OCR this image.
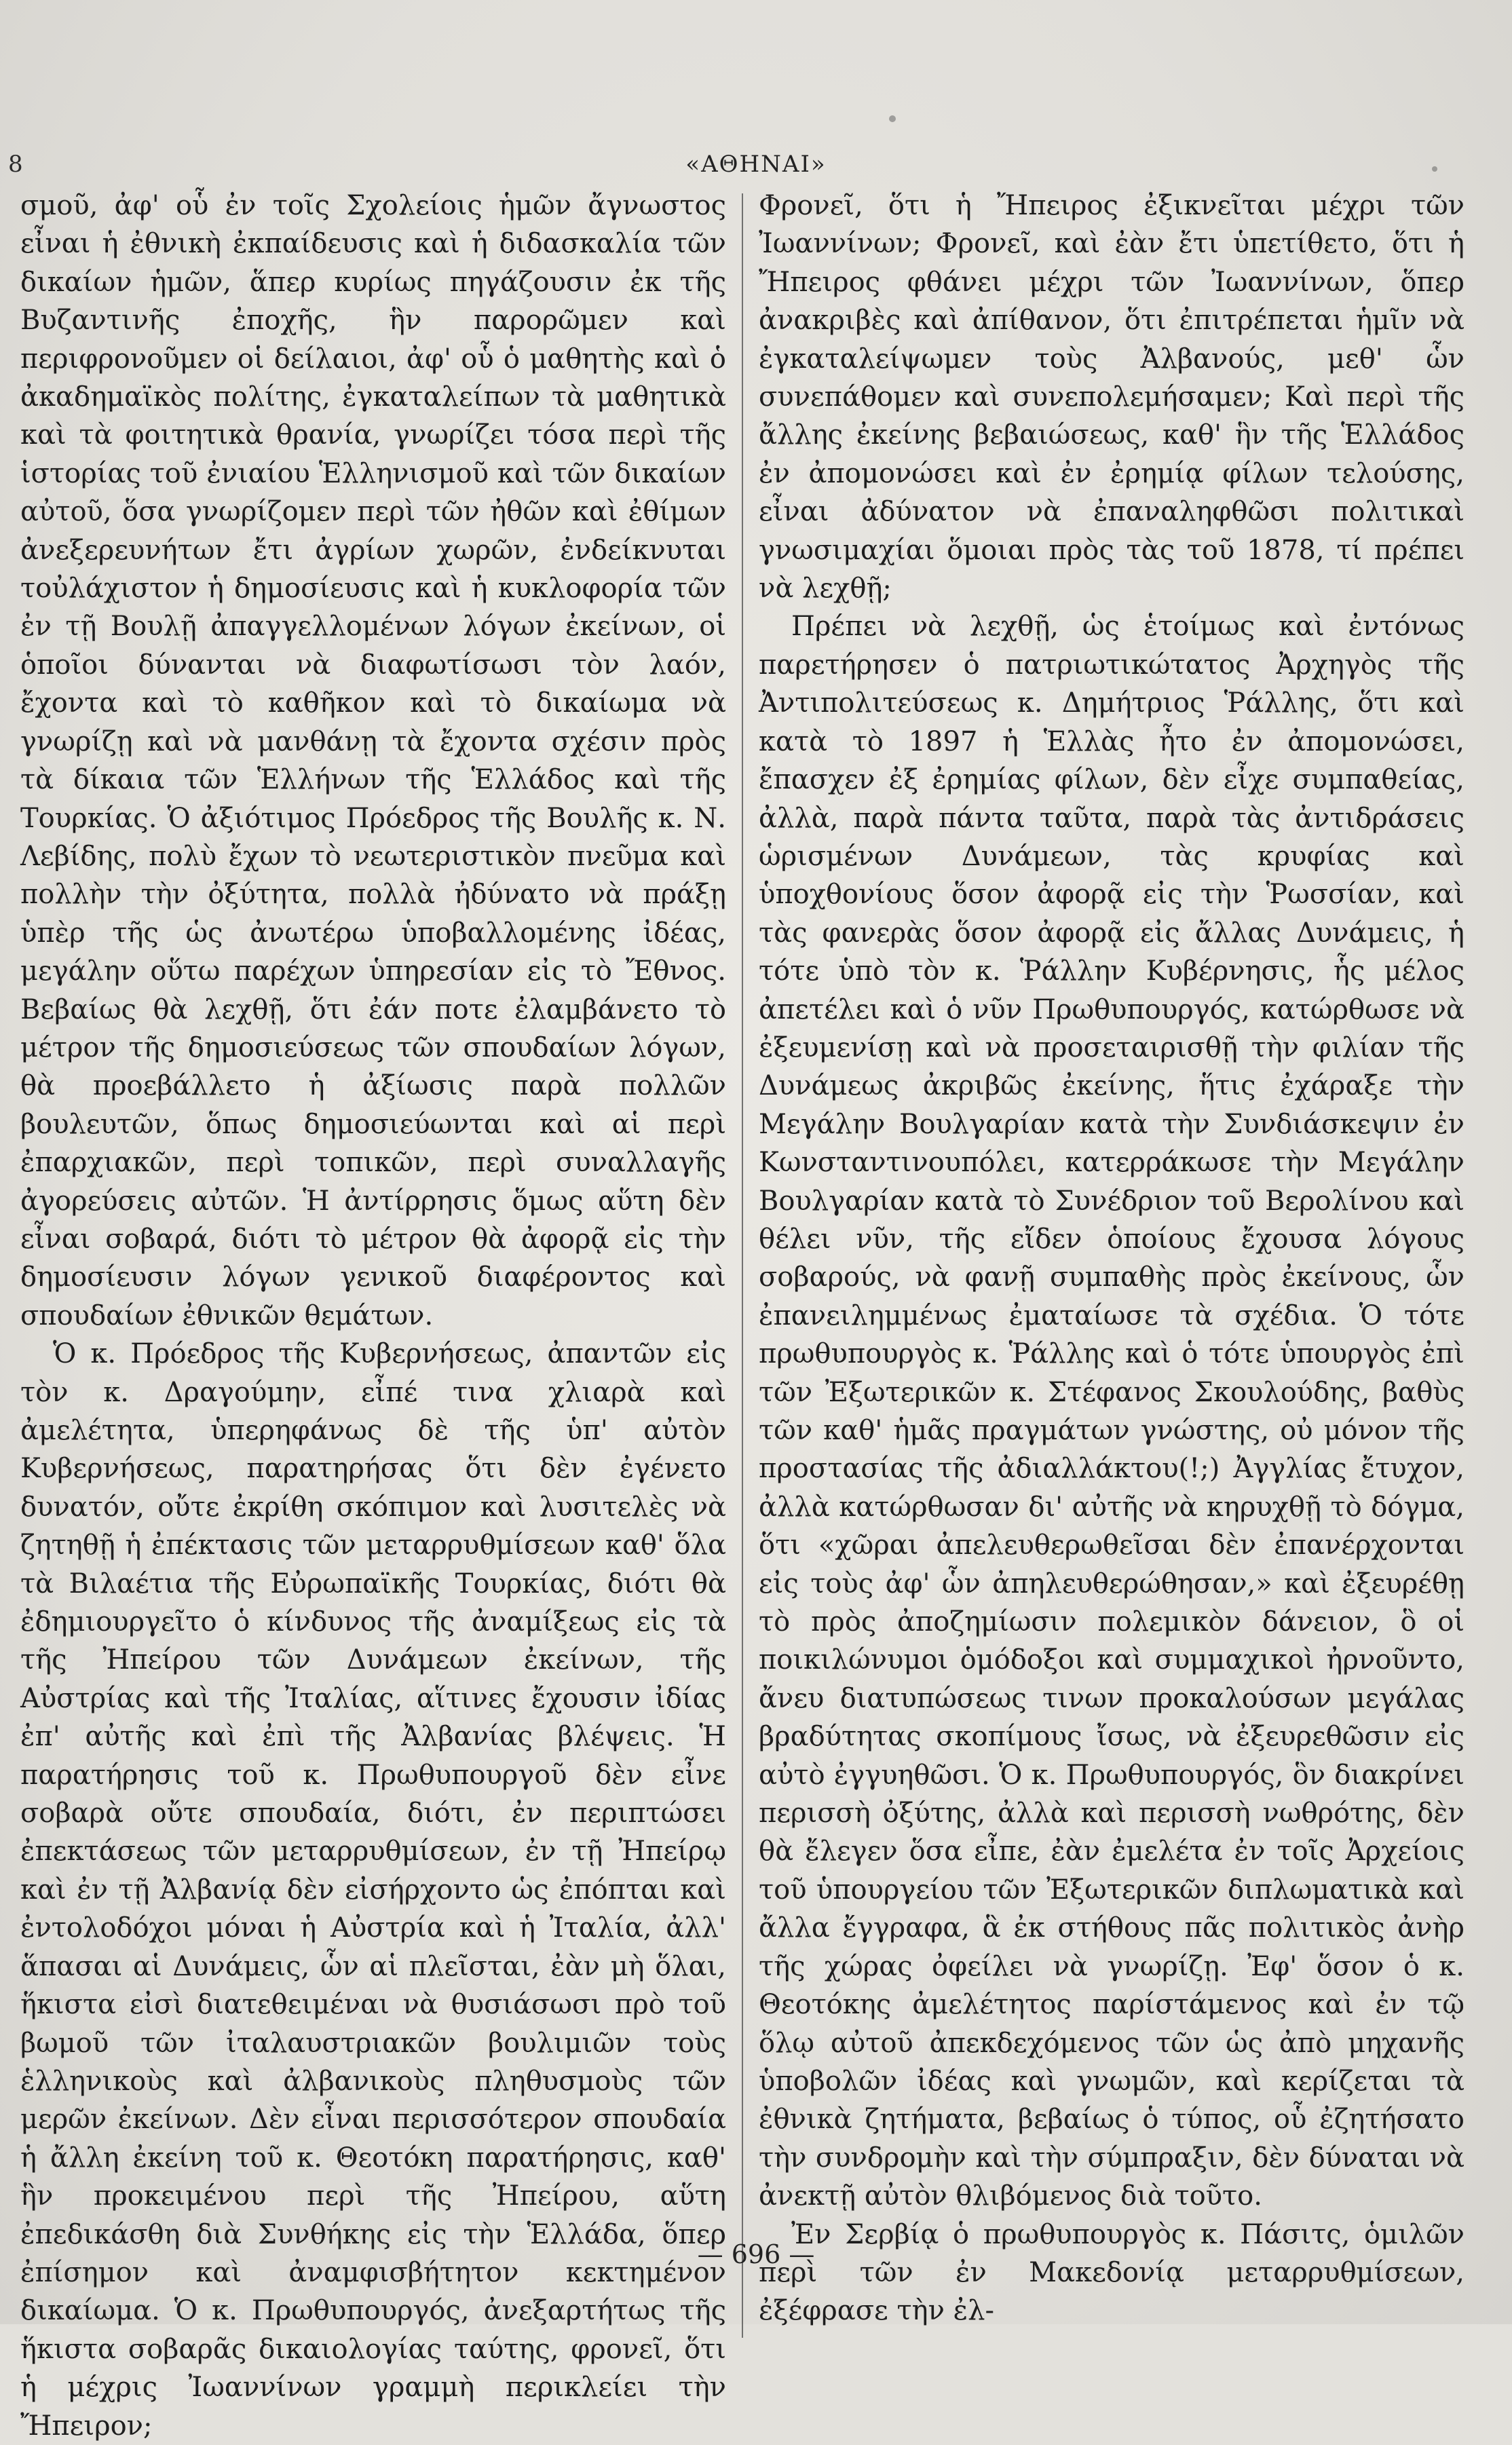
8	«ΑΘΗΝΑΙ»

σμοῦ, ἀφ' οὗ ἐν τοῖς Σχολείοις ἡμῶν ἄγνωστος εἶναι ἡ ἐθνικὴ ἐκπαίδευσις καὶ ἡ διδασκαλία τῶν δικαίων ἡμῶν, ἅπερ κυρίως πηγάζουσιν ἐκ τῆς Βυζαντινῆς ἐποχῆς, ἣν παρορῶμεν καὶ περιφρονοῦμεν οἱ δείλαιοι, ἀφ' οὗ ὁ μαθητὴς καὶ ὁ ἀκαδημαϊκὸς πολίτης, ἐγκαταλείπων τὰ μαθητικὰ καὶ τὰ φοιτητικὰ θρανία, γνωρίζει τόσα περὶ τῆς ἱστορίας τοῦ ἐνιαίου Ἑλληνισμοῦ καὶ τῶν δικαίων αὐτοῦ, ὅσα γνωρίζομεν περὶ τῶν ἠθῶν καὶ ἐθίμων ἀνεξερευνήτων ἔτι ἀγρίων χωρῶν, ἐνδείκνυται τοὐλάχιστον ἡ δημοσίευσις καὶ ἡ κυκλοφορία τῶν ἐν τῇ Βουλῇ ἀπαγγελλομένων λόγων ἐκείνων, οἱ ὁποῖοι δύνανται νὰ διαφωτίσωσι τὸν λαόν, ἔχοντα καὶ τὸ καθῆκον καὶ τὸ δικαίωμα νὰ γνωρίζῃ καὶ νὰ μανθάνῃ τὰ ἔχοντα σχέσιν πρὸς τὰ δίκαια τῶν Ἑλλήνων τῆς Ἑλλάδος καὶ τῆς Τουρκίας. Ὁ ἀξιότιμος Πρόεδρος τῆς Βουλῆς κ. Ν. Λεβίδης, πολὺ ἔχων τὸ νεωτεριστικὸν πνεῦμα καὶ πολλὴν τὴν ὀξύτητα, πολλὰ ἠδύνατο νὰ πράξῃ ὑπὲρ τῆς ὡς ἀνωτέρω ὑποβαλλομένης ἰδέας, μεγάλην οὕτω παρέχων ὑπηρεσίαν εἰς τὸ Ἔθνος. Βεβαίως θὰ λεχθῇ, ὅτι ἐάν ποτε ἐλαμβάνετο τὸ μέτρον τῆς δημοσιεύσεως τῶν σπουδαίων λόγων, θὰ προεβάλλετο ἡ ἀξίωσις παρὰ πολλῶν βουλευτῶν, ὅπως δημοσιεύωνται καὶ αἱ περὶ ἐπαρχιακῶν, περὶ τοπικῶν, περὶ συναλλαγῆς ἀγορεύσεις αὐτῶν. Ἡ ἀντίρρησις ὅμως αὕτη δὲν εἶναι σοβαρά, διότι τὸ μέτρον θὰ ἀφορᾷ εἰς τὴν δημοσίευσιν λόγων γενικοῦ διαφέροντος καὶ σπουδαίων ἐθνικῶν θεμάτων.

Ὁ κ. Πρόεδρος τῆς Κυβερνήσεως, ἀπαντῶν εἰς τὸν κ. Δραγούμην, εἶπέ τινα χλιαρὰ καὶ ἀμελέτητα, ὑπερηφάνως δὲ τῆς ὑπ' αὐτὸν Κυβερνήσεως, παρατηρήσας ὅτι δὲν ἐγένετο δυνατόν, οὔτε ἐκρίθη σκόπιμον καὶ λυσιτελὲς νὰ ζητηθῇ ἡ ἐπέκτασις τῶν μεταρρυθμίσεων καθ' ὅλα τὰ Βιλαέτια τῆς Εὐρωπαϊκῆς Τουρκίας, διότι θὰ ἐδημιουργεῖτο ὁ κίνδυνος τῆς ἀναμίξεως εἰς τὰ τῆς Ἠπείρου τῶν Δυνάμεων ἐκείνων, τῆς Αὐστρίας καὶ τῆς Ἰταλίας, αἵτινες ἔχουσιν ἰδίας ἐπ' αὐτῆς καὶ ἐπὶ τῆς Ἀλβανίας βλέψεις. Ἡ παρατήρησις τοῦ κ. Πρωθυπουργοῦ δὲν εἶνε σοβαρὰ οὔτε σπουδαία, διότι, ἐν περιπτώσει ἐπεκτάσεως τῶν μεταρρυθμίσεων, ἐν τῇ Ἠπείρῳ καὶ ἐν τῇ Ἀλβανίᾳ δὲν εἰσήρχοντο ὡς ἐπόπται καὶ ἐντολοδόχοι μόναι ἡ Αὐστρία καὶ ἡ Ἰταλία, ἀλλ' ἅπασαι αἱ Δυνάμεις, ὧν αἱ πλεῖσται, ἐὰν μὴ ὅλαι, ἥκιστα εἰσὶ διατεθειμέναι νὰ θυσιάσωσι πρὸ τοῦ βωμοῦ τῶν ἰταλαυστριακῶν βουλιμιῶν τοὺς ἑλληνικοὺς καὶ ἀλβανικοὺς πληθυσμοὺς τῶν μερῶν ἐκείνων. Δὲν εἶναι περισσότερον σπουδαία ἡ ἄλλη ἐκείνη τοῦ κ. Θεοτόκη παρατήρησις, καθ' ἣν προκειμένου περὶ τῆς Ἠπείρου, αὕτη ἐπεδικάσθη διὰ Συνθήκης εἰς τὴν Ἑλλάδα, ὅπερ ἐπίσημον καὶ ἀναμφισβήτητον κεκτημένον δικαίωμα. Ὁ κ. Πρωθυπουργός, ἀνεξαρτήτως τῆς ἥκιστα σοβαρᾶς δικαιολογίας ταύτης, φρονεῖ, ὅτι ἡ μέχρις Ἰωαννίνων γραμμὴ περικλείει τὴν Ἤπειρον;

Φρονεῖ, ὅτι ἡ Ἤπειρος ἐξικνεῖται μέχρι τῶν Ἰωαννίνων; Φρονεῖ, καὶ ἐὰν ἔτι ὑπετίθετο, ὅτι ἡ Ἤπειρος φθάνει μέχρι τῶν Ἰωαννίνων, ὅπερ ἀνακριβὲς καὶ ἀπίθανον, ὅτι ἐπιτρέπεται ἡμῖν νὰ ἐγκαταλείψωμεν τοὺς Ἀλβανούς, μεθ' ὧν συνεπάθομεν καὶ συνεπολεμήσαμεν; Καὶ περὶ τῆς ἄλλης ἐκείνης βεβαιώσεως, καθ' ἣν τῆς Ἑλλάδος ἐν ἀπομονώσει καὶ ἐν ἐρημίᾳ φίλων τελούσης, εἶναι ἀδύνατον νὰ ἐπαναληφθῶσι πολιτικαὶ γνωσιμαχίαι ὅμοιαι πρὸς τὰς τοῦ 1878, τί πρέπει νὰ λεχθῇ;

Πρέπει νὰ λεχθῇ, ὡς ἑτοίμως καὶ ἐντόνως παρετήρησεν ὁ πατριωτικώτατος Ἀρχηγὸς τῆς Ἀντιπολιτεύσεως κ. Δημήτριος Ῥάλλης, ὅτι καὶ κατὰ τὸ 1897 ἡ Ἑλλὰς ἦτο ἐν ἀπομονώσει, ἔπασχεν ἐξ ἐρημίας φίλων, δὲν εἶχε συμπαθείας, ἀλλὰ, παρὰ πάντα ταῦτα, παρὰ τὰς ἀντιδράσεις ὡρισμένων Δυνάμεων, τὰς κρυφίας καὶ ὑποχθονίους ὅσον ἀφορᾷ εἰς τὴν Ῥωσσίαν, καὶ τὰς φανερὰς ὅσον ἀφορᾷ εἰς ἄλλας Δυνάμεις, ἡ τότε ὑπὸ τὸν κ. Ῥάλλην Κυβέρνησις, ἧς μέλος ἀπετέλει καὶ ὁ νῦν Πρωθυπουργός, κατώρθωσε νὰ ἐξευμενίσῃ καὶ νὰ προσεταιρισθῇ τὴν φιλίαν τῆς Δυνάμεως ἀκριβῶς ἐκείνης, ἥτις ἐχάραξε τὴν Μεγάλην Βουλγαρίαν κατὰ τὴν Συνδιάσκεψιν ἐν Κωνσταντινουπόλει, κατερράκωσε τὴν Μεγάλην Βουλγαρίαν κατὰ τὸ Συνέδριον τοῦ Βερολίνου καὶ θέλει νῦν, τῆς εἴδεν ὁποίους ἔχουσα λόγους σοβαρούς, νὰ φανῇ συμπαθὴς πρὸς ἐκείνους, ὧν ἐπανειλημμένως ἐματαίωσε τὰ σχέδια. Ὁ τότε πρωθυπουργὸς κ. Ῥάλλης καὶ ὁ τότε ὑπουργὸς ἐπὶ τῶν Ἐξωτερικῶν κ. Στέφανος Σκουλούδης, βαθὺς τῶν καθ' ἡμᾶς πραγμάτων γνώστης, οὐ μόνον τῆς προστασίας τῆς ἀδιαλλάκτου(!;) Ἀγγλίας ἔτυχον, ἀλλὰ κατώρθωσαν δι' αὐτῆς νὰ κηρυχθῇ τὸ δόγμα, ὅτι «χῶραι ἀπελευθερωθεῖσαι δὲν ἐπανέρχονται εἰς τοὺς ἀφ' ὧν ἀπηλευθερώθησαν,» καὶ ἐξευρέθῃ τὸ πρὸς ἀποζημίωσιν πολεμικὸν δάνειον, ὃ οἱ ποικιλώνυμοι ὁμόδοξοι καὶ συμμαχικοὶ ἠρνοῦντο, ἄνευ διατυπώσεως τινων προκαλούσων μεγάλας βραδύτητας σκοπίμους ἴσως, νὰ ἐξευρεθῶσιν εἰς αὐτὸ ἐγγυηθῶσι. Ὁ κ. Πρωθυπουργός, ὃν διακρίνει περισσὴ ὀξύτης, ἀλλὰ καὶ περισσὴ νωθρότης, δὲν θὰ ἔλεγεν ὅσα εἶπε, ἐὰν ἐμελέτα ἐν τοῖς Ἀρχείοις τοῦ ὑπουργείου τῶν Ἐξωτερικῶν διπλωματικὰ καὶ ἄλλα ἔγγραφα, ἃ ἐκ στήθους πᾶς πολιτικὸς ἀνὴρ τῆς χώρας ὀφείλει νὰ γνωρίζῃ. Ἐφ' ὅσον ὁ κ. Θεοτόκης ἀμελέτητος παρίστάμενος καὶ ἐν τῷ ὅλῳ αὐτοῦ ἀπεκδεχόμενος τῶν ὡς ἀπὸ μηχανῆς ὑποβολῶν ἰδέας καὶ γνωμῶν, καὶ κερίζεται τὰ ἐθνικὰ ζητήματα, βεβαίως ὁ τύπος, οὗ ἐζητήσατο τὴν συνδρομὴν καὶ τὴν σύμπραξιν, δὲν δύναται νὰ ἀνεκτῇ αὐτὸν θλιβόμενος διὰ τοῦτο.

Ἐν Σερβίᾳ ὁ πρωθυπουργὸς κ. Πάσιτς, ὁμιλῶν περὶ τῶν ἐν Μακεδονίᾳ μεταρρυθμίσεων, ἐξέφρασε τὴν ἐλ-

— 696 —
